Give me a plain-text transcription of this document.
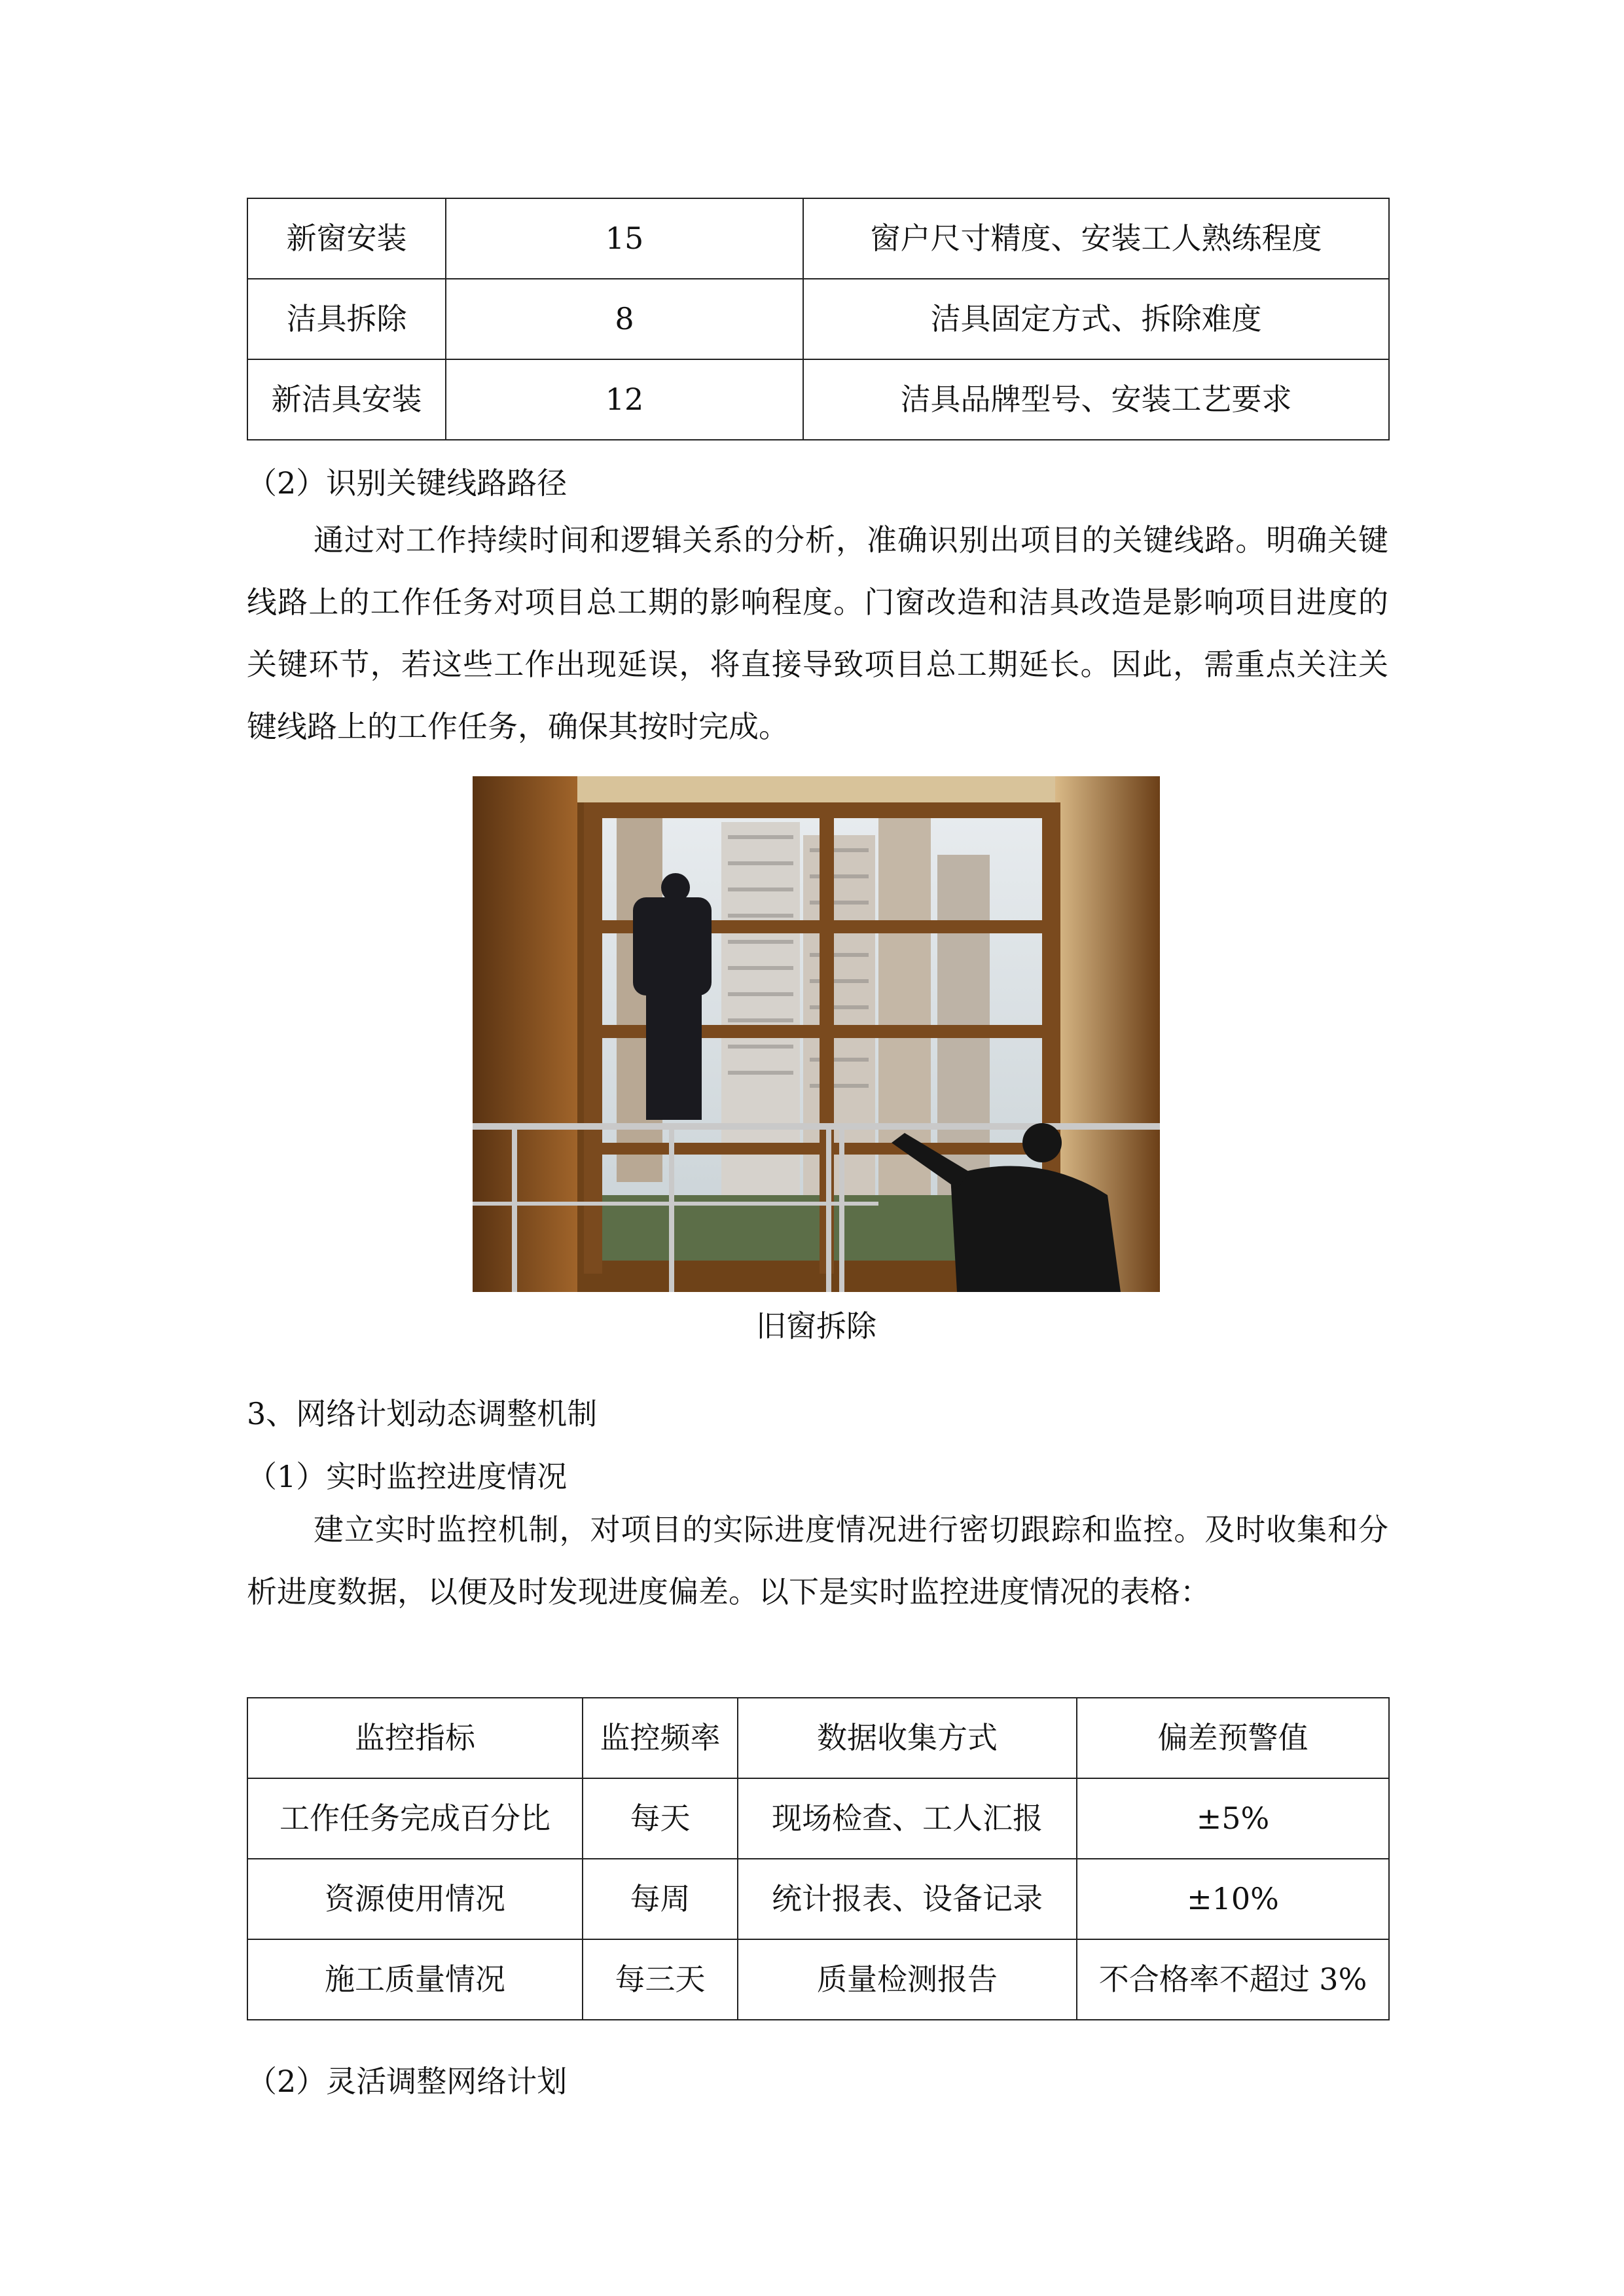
新窗安装	15	窗户尺寸精度、安装工人熟练程度
洁具拆除	8	洁具固定方式、拆除难度
新洁具安装	12	洁具品牌型号、安装工艺要求
（2）识别关键线路路径
通过对工作持续时间和逻辑关系的分析，准确识别出项目的关键线路。明确关键线路上的工作任务对项目总工期的影响程度。门窗改造和洁具改造是影响项目进度的关键环节，若这些工作出现延误，将直接导致项目总工期延长。因此，需重点关注关键线路上的工作任务，确保其按时完成。
旧窗拆除
3、网络计划动态调整机制
（1）实时监控进度情况
建立实时监控机制，对项目的实际进度情况进行密切跟踪和监控。及时收集和分析进度数据，以便及时发现进度偏差。以下是实时监控进度情况的表格：
监控指标	监控频率	数据收集方式	偏差预警值
工作任务完成百分比	每天	现场检查、工人汇报	±5%
资源使用情况	每周	统计报表、设备记录	±10%
施工质量情况	每三天	质量检测报告	不合格率不超过 3%
（2）灵活调整网络计划
